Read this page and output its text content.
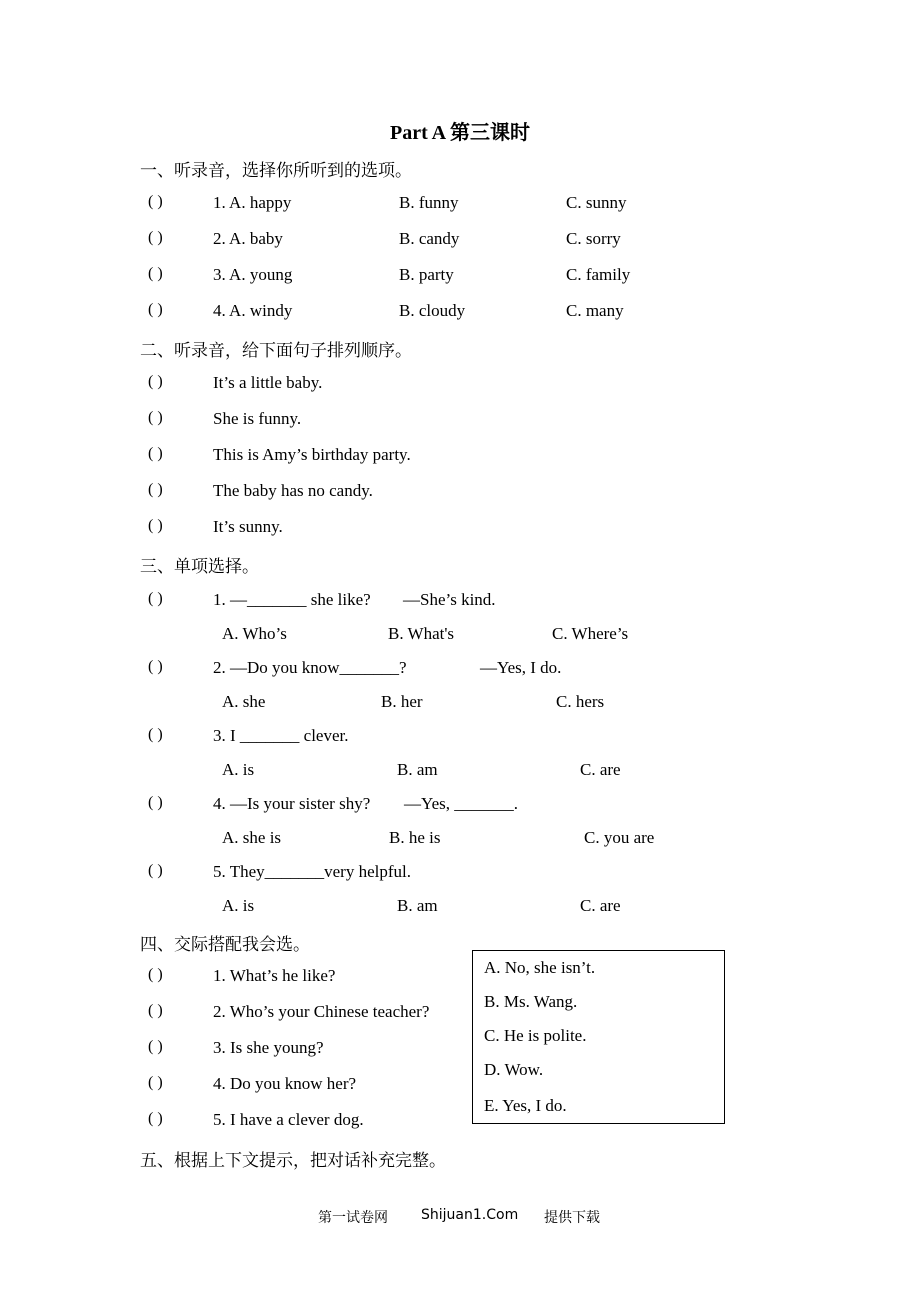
Part A 第三课时
一、听录音，选择你所听到的选项。
( )	1. A. happy	B. funny	C. sunny
( )	2. A. baby	B. candy	C. sorry
( )	3. A. young	B. party	C. family
( )	4. A. windy	B. cloudy	C. many
二、听录音，给下面句子排列顺序。
( )	It’s a little baby.
( )	She is funny.
( )	This is Amy’s birthday party.
( )	The baby has no candy.
( )	It’s sunny.
三、单项选择。
( )	1. —_______ she like? —She’s kind.
A. Who’s	B. What's	C. Where’s
( )	2. —Do you know_______?	—Yes, I do.
A. she	B. her	C. hers
( )	3. I _______ clever.
A. is	B. am	C. are
( )	4. —Is your sister shy? —Yes, _______.
A. she is	B. he is	C. you are
( )	5. They_______very helpful.
A. is	B. am	C. are
四、交际搭配我会选。
( )	1. What’s he like?
( )	2. Who’s your Chinese teacher?
( )	3. Is she young?
( )	4. Do you know her?
( )	5. I have a clever dog.
A. No, she isn’t.
B. Ms. Wang.
C. He is polite.
D. Wow.
E. Yes, I do.
五、根据上下文提示，把对话补充完整。
第一试卷网 Shijuan1.Com 提供下载
